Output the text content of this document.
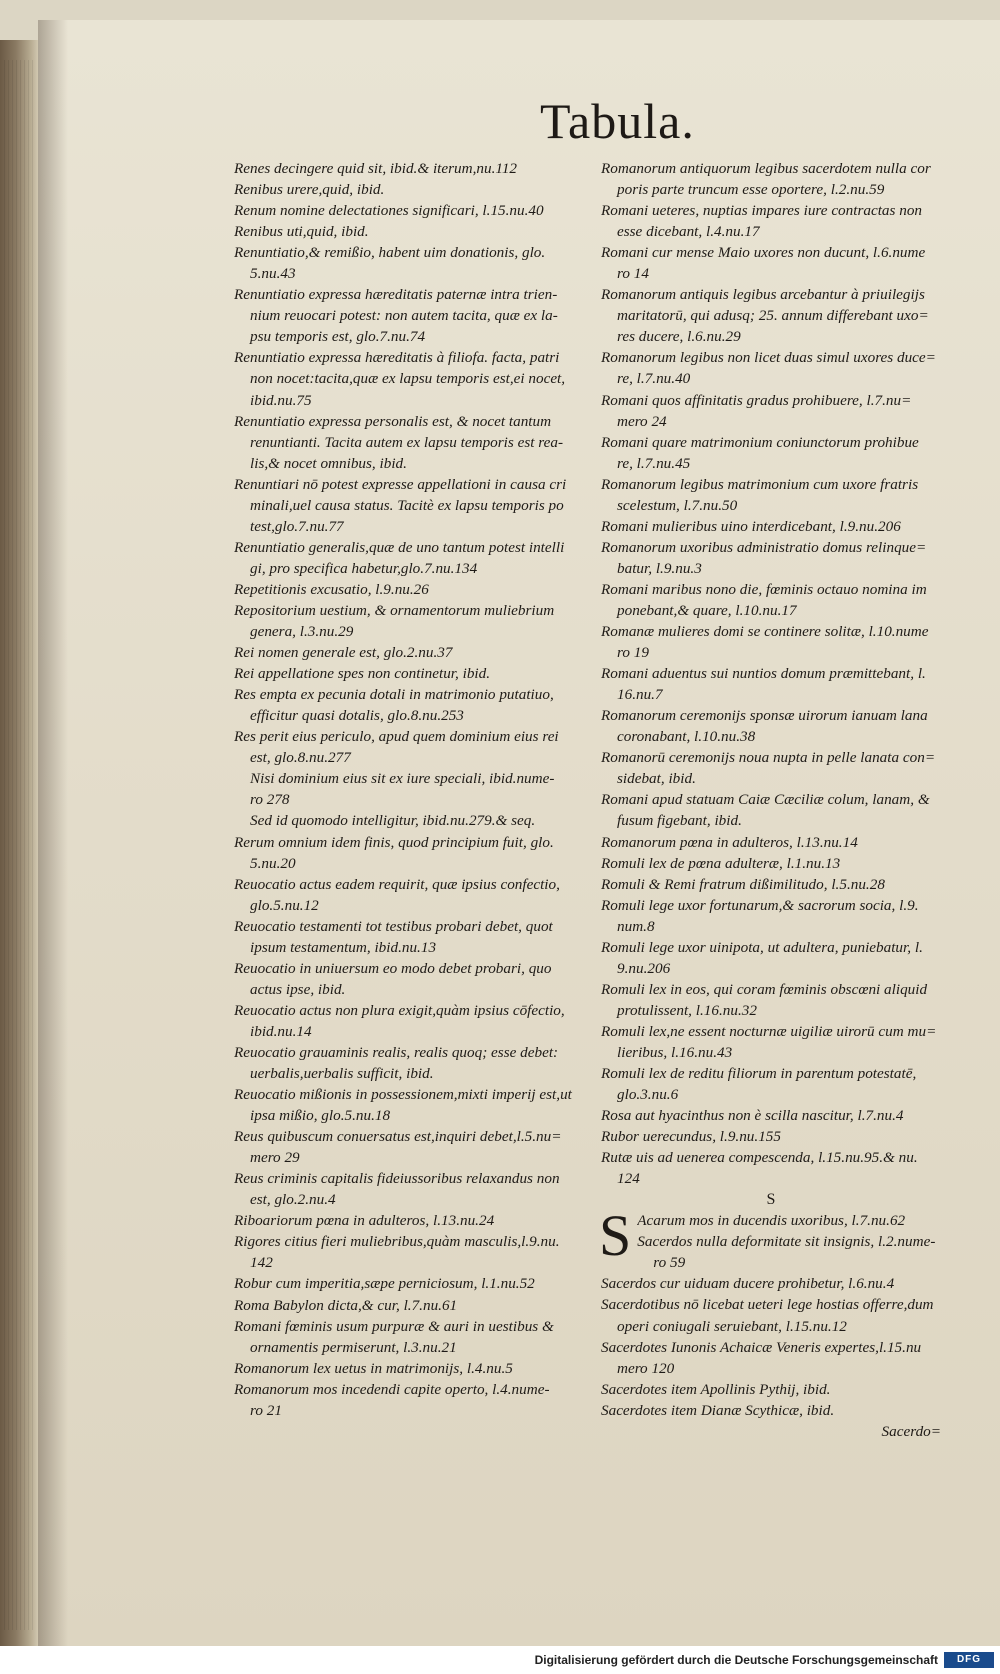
Tabula.
Renes decingere quid sit, ibid.& iterum,nu.112
Renibus urere,quid, ibid.
Renum nomine delectationes significari, l.15.nu.40
Renibus uti,quid, ibid.
Renuntiatio,& remißio, habent uim donationis, glo.
5.nu.43
Renuntiatio expressa hæreditatis paternæ intra trien-
nium reuocari potest: non autem tacita, quæ ex la-
psu temporis est, glo.7.nu.74
Renuntiatio expressa hæreditatis à filiofa. facta, patri
non nocet:tacita,quæ ex lapsu temporis est,ei nocet,
ibid.nu.75
Renuntiatio expressa personalis est, & nocet tantum
renuntianti. Tacita autem ex lapsu temporis est rea-
lis,& nocet omnibus, ibid.
Renuntiari nō potest expresse appellationi in causa cri
minali,uel causa status. Tacitè ex lapsu temporis po
test,glo.7.nu.77
Renuntiatio generalis,quæ de uno tantum potest intelli
gi, pro specifica habetur,glo.7.nu.134
Repetitionis excusatio, l.9.nu.26
Repositorium uestium, & ornamentorum muliebrium
genera, l.3.nu.29
Rei nomen generale est, glo.2.nu.37
Rei appellatione spes non continetur, ibid.
Res empta ex pecunia dotali in matrimonio putatiuo,
efficitur quasi dotalis, glo.8.nu.253
Res perit eius periculo, apud quem dominium eius rei
est, glo.8.nu.277
Nisi dominium eius sit ex iure speciali, ibid.nume-
ro 278
Sed id quomodo intelligitur, ibid.nu.279.& seq.
Rerum omnium idem finis, quod principium fuit, glo.
5.nu.20
Reuocatio actus eadem requirit, quæ ipsius confectio,
glo.5.nu.12
Reuocatio testamenti tot testibus probari debet, quot
ipsum testamentum, ibid.nu.13
Reuocatio in uniuersum eo modo debet probari, quo
actus ipse, ibid.
Reuocatio actus non plura exigit,quàm ipsius cōfectio,
ibid.nu.14
Reuocatio grauaminis realis, realis quoq; esse debet:
uerbalis,uerbalis sufficit, ibid.
Reuocatio mißionis in possessionem,mixti imperij est,ut
ipsa mißio, glo.5.nu.18
Reus quibuscum conuersatus est,inquiri debet,l.5.nu=
mero 29
Reus criminis capitalis fideiussoribus relaxandus non
est, glo.2.nu.4
Riboariorum pœna in adulteros, l.13.nu.24
Rigores citius fieri muliebribus,quàm masculis,l.9.nu.
142
Robur cum imperitia,sæpe perniciosum, l.1.nu.52
Roma Babylon dicta,& cur, l.7.nu.61
Romani fœminis usum purpuræ & auri in uestibus &
ornamentis permiserunt, l.3.nu.21
Romanorum lex uetus in matrimonijs, l.4.nu.5
Romanorum mos incedendi capite operto, l.4.nume-
ro 21
Romanorum antiquorum legibus sacerdotem nulla cor
poris parte truncum esse oportere, l.2.nu.59
Romani ueteres, nuptias impares iure contractas non
esse dicebant, l.4.nu.17
Romani cur mense Maio uxores non ducunt, l.6.nume
ro 14
Romanorum antiquis legibus arcebantur à priuilegijs
maritatorū, qui adusq; 25. annum differebant uxo=
res ducere, l.6.nu.29
Romanorum legibus non licet duas simul uxores duce=
re, l.7.nu.40
Romani quos affinitatis gradus prohibuere, l.7.nu=
mero 24
Romani quare matrimonium coniunctorum prohibue
re, l.7.nu.45
Romanorum legibus matrimonium cum uxore fratris
scelestum, l.7.nu.50
Romani mulieribus uino interdicebant, l.9.nu.206
Romanorum uxoribus administratio domus relinque=
batur, l.9.nu.3
Romani maribus nono die, fœminis octauo nomina im
ponebant,& quare, l.10.nu.17
Romanæ mulieres domi se continere solitæ, l.10.nume
ro 19
Romani aduentus sui nuntios domum præmittebant, l.
16.nu.7
Romanorum ceremonijs sponsæ uirorum ianuam lana
coronabant, l.10.nu.38
Romanorū ceremonijs noua nupta in pelle lanata con=
sidebat, ibid.
Romani apud statuam Caiæ Cæciliæ colum, lanam, &
fusum figebant, ibid.
Romanorum pœna in adulteros, l.13.nu.14
Romuli lex de pœna adulteræ, l.1.nu.13
Romuli & Remi fratrum dißimilitudo, l.5.nu.28
Romuli lege uxor fortunarum,& sacrorum socia, l.9.
num.8
Romuli lege uxor uinipota, ut adultera, puniebatur, l.
9.nu.206
Romuli lex in eos, qui coram fœminis obscœni aliquid
protulissent, l.16.nu.32
Romuli lex,ne essent nocturnæ uigiliæ uirorū cum mu=
lieribus, l.16.nu.43
Romuli lex de reditu filiorum in parentum potestatē,
glo.3.nu.6
Rosa aut hyacinthus non è scilla nascitur, l.7.nu.4
Rubor uerecundus, l.9.nu.155
Rutæ uis ad uenerea compescenda, l.15.nu.95.& nu.
124
S
S Acarum mos in ducendis uxoribus, l.7.nu.62
Sacerdos nulla deformitate sit insignis, l.2.nume-
ro 59
Sacerdos cur uiduam ducere prohibetur, l.6.nu.4
Sacerdotibus nō licebat ueteri lege hostias offerre,dum
operi coniugali seruiebant, l.15.nu.12
Sacerdotes Iunonis Achaicæ Veneris expertes,l.15.nu
mero 120
Sacerdotes item Apollinis Pythij, ibid.
Sacerdotes item Dianæ Scythicæ, ibid.
Sacerdo=
Digitalisierung gefördert durch die Deutsche Forschungsgemeinschaft	DFG
